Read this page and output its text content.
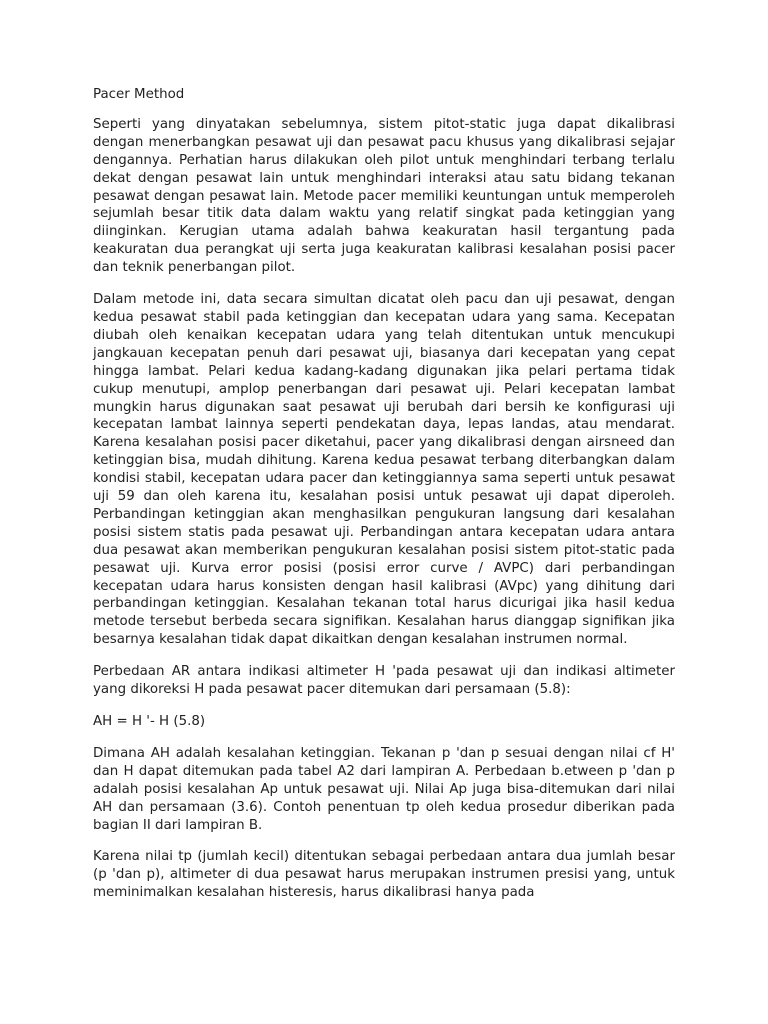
Pacer Method

Seperti yang dinyatakan sebelumnya, sistem pitot-static juga dapat dikalibrasi dengan menerbangkan pesawat uji dan pesawat pacu khusus yang dikalibrasi sejajar dengannya. Perhatian harus dilakukan oleh pilot untuk menghindari terbang terlalu dekat dengan pesawat lain untuk menghindari interaksi atau satu bidang tekanan pesawat dengan pesawat lain. Metode pacer memiliki keuntungan untuk memperoleh sejumlah besar titik data dalam waktu yang relatif singkat pada ketinggian yang diinginkan. Kerugian utama adalah bahwa keakuratan hasil tergantung pada keakuratan dua perangkat uji serta juga keakuratan kalibrasi kesalahan posisi pacer dan teknik penerbangan pilot.

Dalam metode ini, data secara simultan dicatat oleh pacu dan uji pesawat, dengan kedua pesawat stabil pada ketinggian dan kecepatan udara yang sama. Kecepatan diubah oleh kenaikan kecepatan udara yang telah ditentukan untuk mencukupi jangkauan kecepatan penuh dari pesawat uji, biasanya dari kecepatan yang cepat hingga lambat. Pelari kedua kadang-kadang digunakan jika pelari pertama tidak cukup menutupi, amplop penerbangan dari pesawat uji. Pelari kecepatan lambat mungkin harus digunakan saat pesawat uji berubah dari bersih ke konfigurasi uji kecepatan lambat lainnya seperti pendekatan daya, lepas landas, atau mendarat. Karena kesalahan posisi pacer diketahui, pacer yang dikalibrasi dengan airsneed dan ketinggian bisa, mudah dihitung. Karena kedua pesawat terbang diterbangkan dalam kondisi stabil, kecepatan udara pacer dan ketinggiannya sama seperti untuk pesawat uji 59 dan oleh karena itu, kesalahan posisi untuk pesawat uji dapat diperoleh. Perbandingan ketinggian akan menghasilkan pengukuran langsung dari kesalahan posisi sistem statis pada pesawat uji. Perbandingan antara kecepatan udara antara dua pesawat akan memberikan pengukuran kesalahan posisi sistem pitot-static pada pesawat uji. Kurva error posisi (posisi error curve / AVPC) dari perbandingan kecepatan udara harus konsisten dengan hasil kalibrasi (AVpc) yang dihitung dari perbandingan ketinggian. Kesalahan tekanan total harus dicurigai jika hasil kedua metode tersebut berbeda secara signifikan. Kesalahan harus dianggap signifikan jika besarnya kesalahan tidak dapat dikaitkan dengan kesalahan instrumen normal.

Perbedaan AR antara indikasi altimeter H 'pada pesawat uji dan indikasi altimeter yang dikoreksi H pada pesawat pacer ditemukan dari persamaan (5.8):

AH = H '- H (5.8)

Dimana AH adalah kesalahan ketinggian. Tekanan p 'dan p sesuai dengan nilai cf H' dan H dapat ditemukan pada tabel A2 dari lampiran A. Perbedaan b.etween p 'dan p adalah posisi kesalahan Ap untuk pesawat uji. Nilai Ap juga bisa-ditemukan dari nilai AH dan persamaan (3.6). Contoh penentuan tp oleh kedua prosedur diberikan pada bagian II dari lampiran B.

Karena nilai tp (jumlah kecil) ditentukan sebagai perbedaan antara dua jumlah besar (p 'dan p), altimeter di dua pesawat harus merupakan instrumen presisi yang, untuk meminimalkan kesalahan histeresis, harus dikalibrasi hanya pada
